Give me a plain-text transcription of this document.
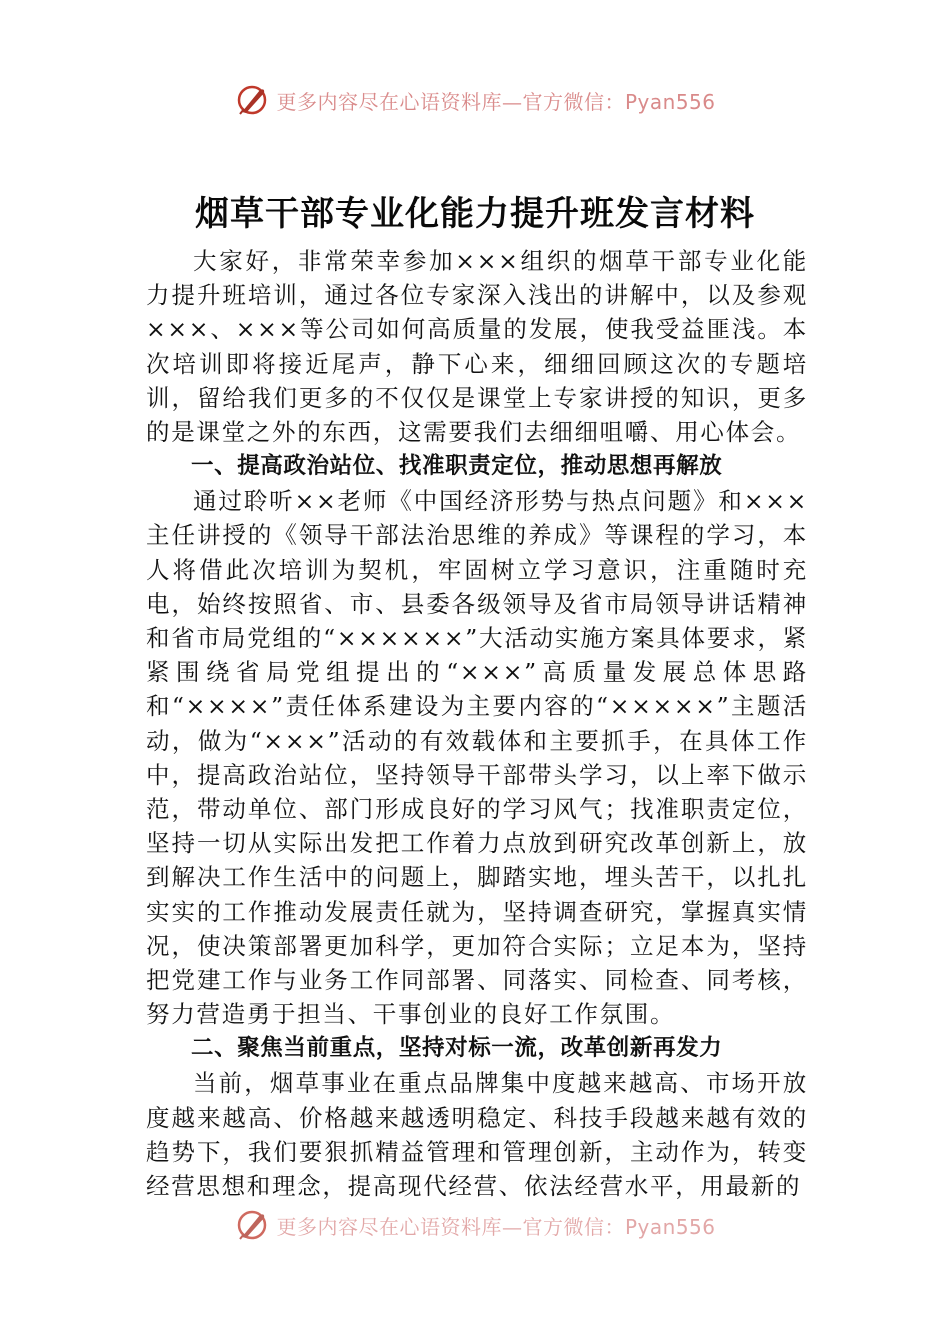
更多内容尽在心语资料库—官方微信：Pyan556
烟草干部专业化能力提升班发言材料

大家好，非常荣幸参加×××组织的烟草干部专业化能力提升班培训，通过各位专家深入浅出的讲解中，以及参观×××、×××等公司如何高质量的发展，使我受益匪浅。本次培训即将接近尾声，静下心来，细细回顾这次的专题培训，留给我们更多的不仅仅是课堂上专家讲授的知识，更多的是课堂之外的东西，这需要我们去细细咀嚼、用心体会。

一、提高政治站位、找准职责定位，推动思想再解放

通过聆听××老师《中国经济形势与热点问题》和×××主任讲授的《领导干部法治思维的养成》等课程的学习，本人将借此次培训为契机，牢固树立学习意识，注重随时充电，始终按照省、市、县委各级领导及省市局领导讲话精神和省市局党组的“××××××”大活动实施方案具体要求，紧紧围绕省局党组提出的“×××”高质量发展总体思路和“××××”责任体系建设为主要内容的“×××××”主题活动，做为“×××”活动的有效载体和主要抓手，在具体工作中，提高政治站位，坚持领导干部带头学习，以上率下做示范，带动单位、部门形成良好的学习风气；找准职责定位，坚持一切从实际出发把工作着力点放到研究改革创新上，放到解决工作生活中的问题上，脚踏实地，埋头苦干，以扎扎实实的工作推动发展责任就为，坚持调查研究，掌握真实情况，使决策部署更加科学，更加符合实际；立足本为，坚持把党建工作与业务工作同部署、同落实、同检查、同考核，努力营造勇于担当、干事创业的良好工作氛围。

二、聚焦当前重点，坚持对标一流，改革创新再发力

当前，烟草事业在重点品牌集中度越来越高、市场开放度越来越高、价格越来越透明稳定、科技手段越来越有效的趋势下，我们要狠抓精益管理和管理创新，主动作为，转变经营思想和理念，提高现代经营、依法经营水平，用最新的

更多内容尽在心语资料库—官方微信：Pyan556
